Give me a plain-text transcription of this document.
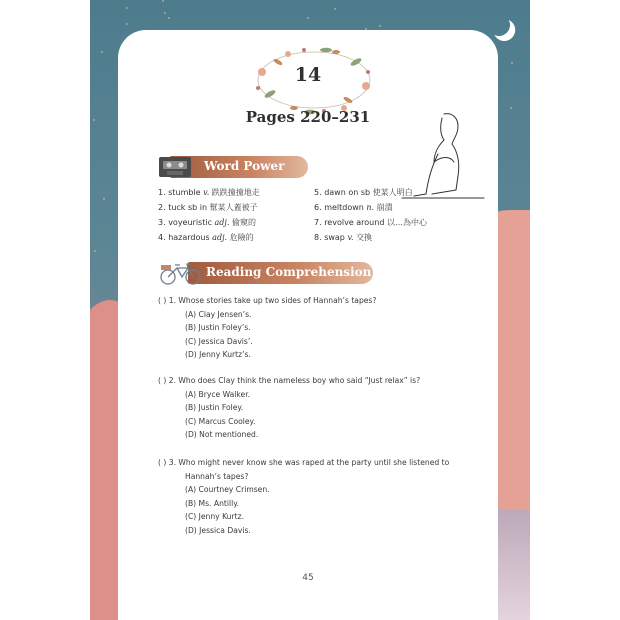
14
Pages 220–231
Word Power
1. stumble v. 跌跌撞撞地走
2. tuck sb in 幫某人蓋被子
3. voyeuristic adj. 偷窺的
4. hazardous adj. 危險的
5. dawn on sb 使某人明白
6. meltdown n. 崩潰
7. revolve around 以…為中心
8. swap v. 交換
Reading Comprehension
( ) 1. Whose stories take up two sides of Hannah’s tapes?
(A) Clay Jensen’s.
(B) Justin Foley’s.
(C) Jessica Davis’.
(D) Jenny Kurtz’s.
( ) 2. Who does Clay think the nameless boy who said “Just relax” is?
(A) Bryce Walker.
(B) Justin Foley.
(C) Marcus Cooley.
(D) Not mentioned.
( ) 3. Who might never know she was raped at the party until she listened to
Hannah’s tapes?
(A) Courtney Crimsen.
(B) Ms. Antilly.
(C) Jenny Kurtz.
(D) Jessica Davis.
45
